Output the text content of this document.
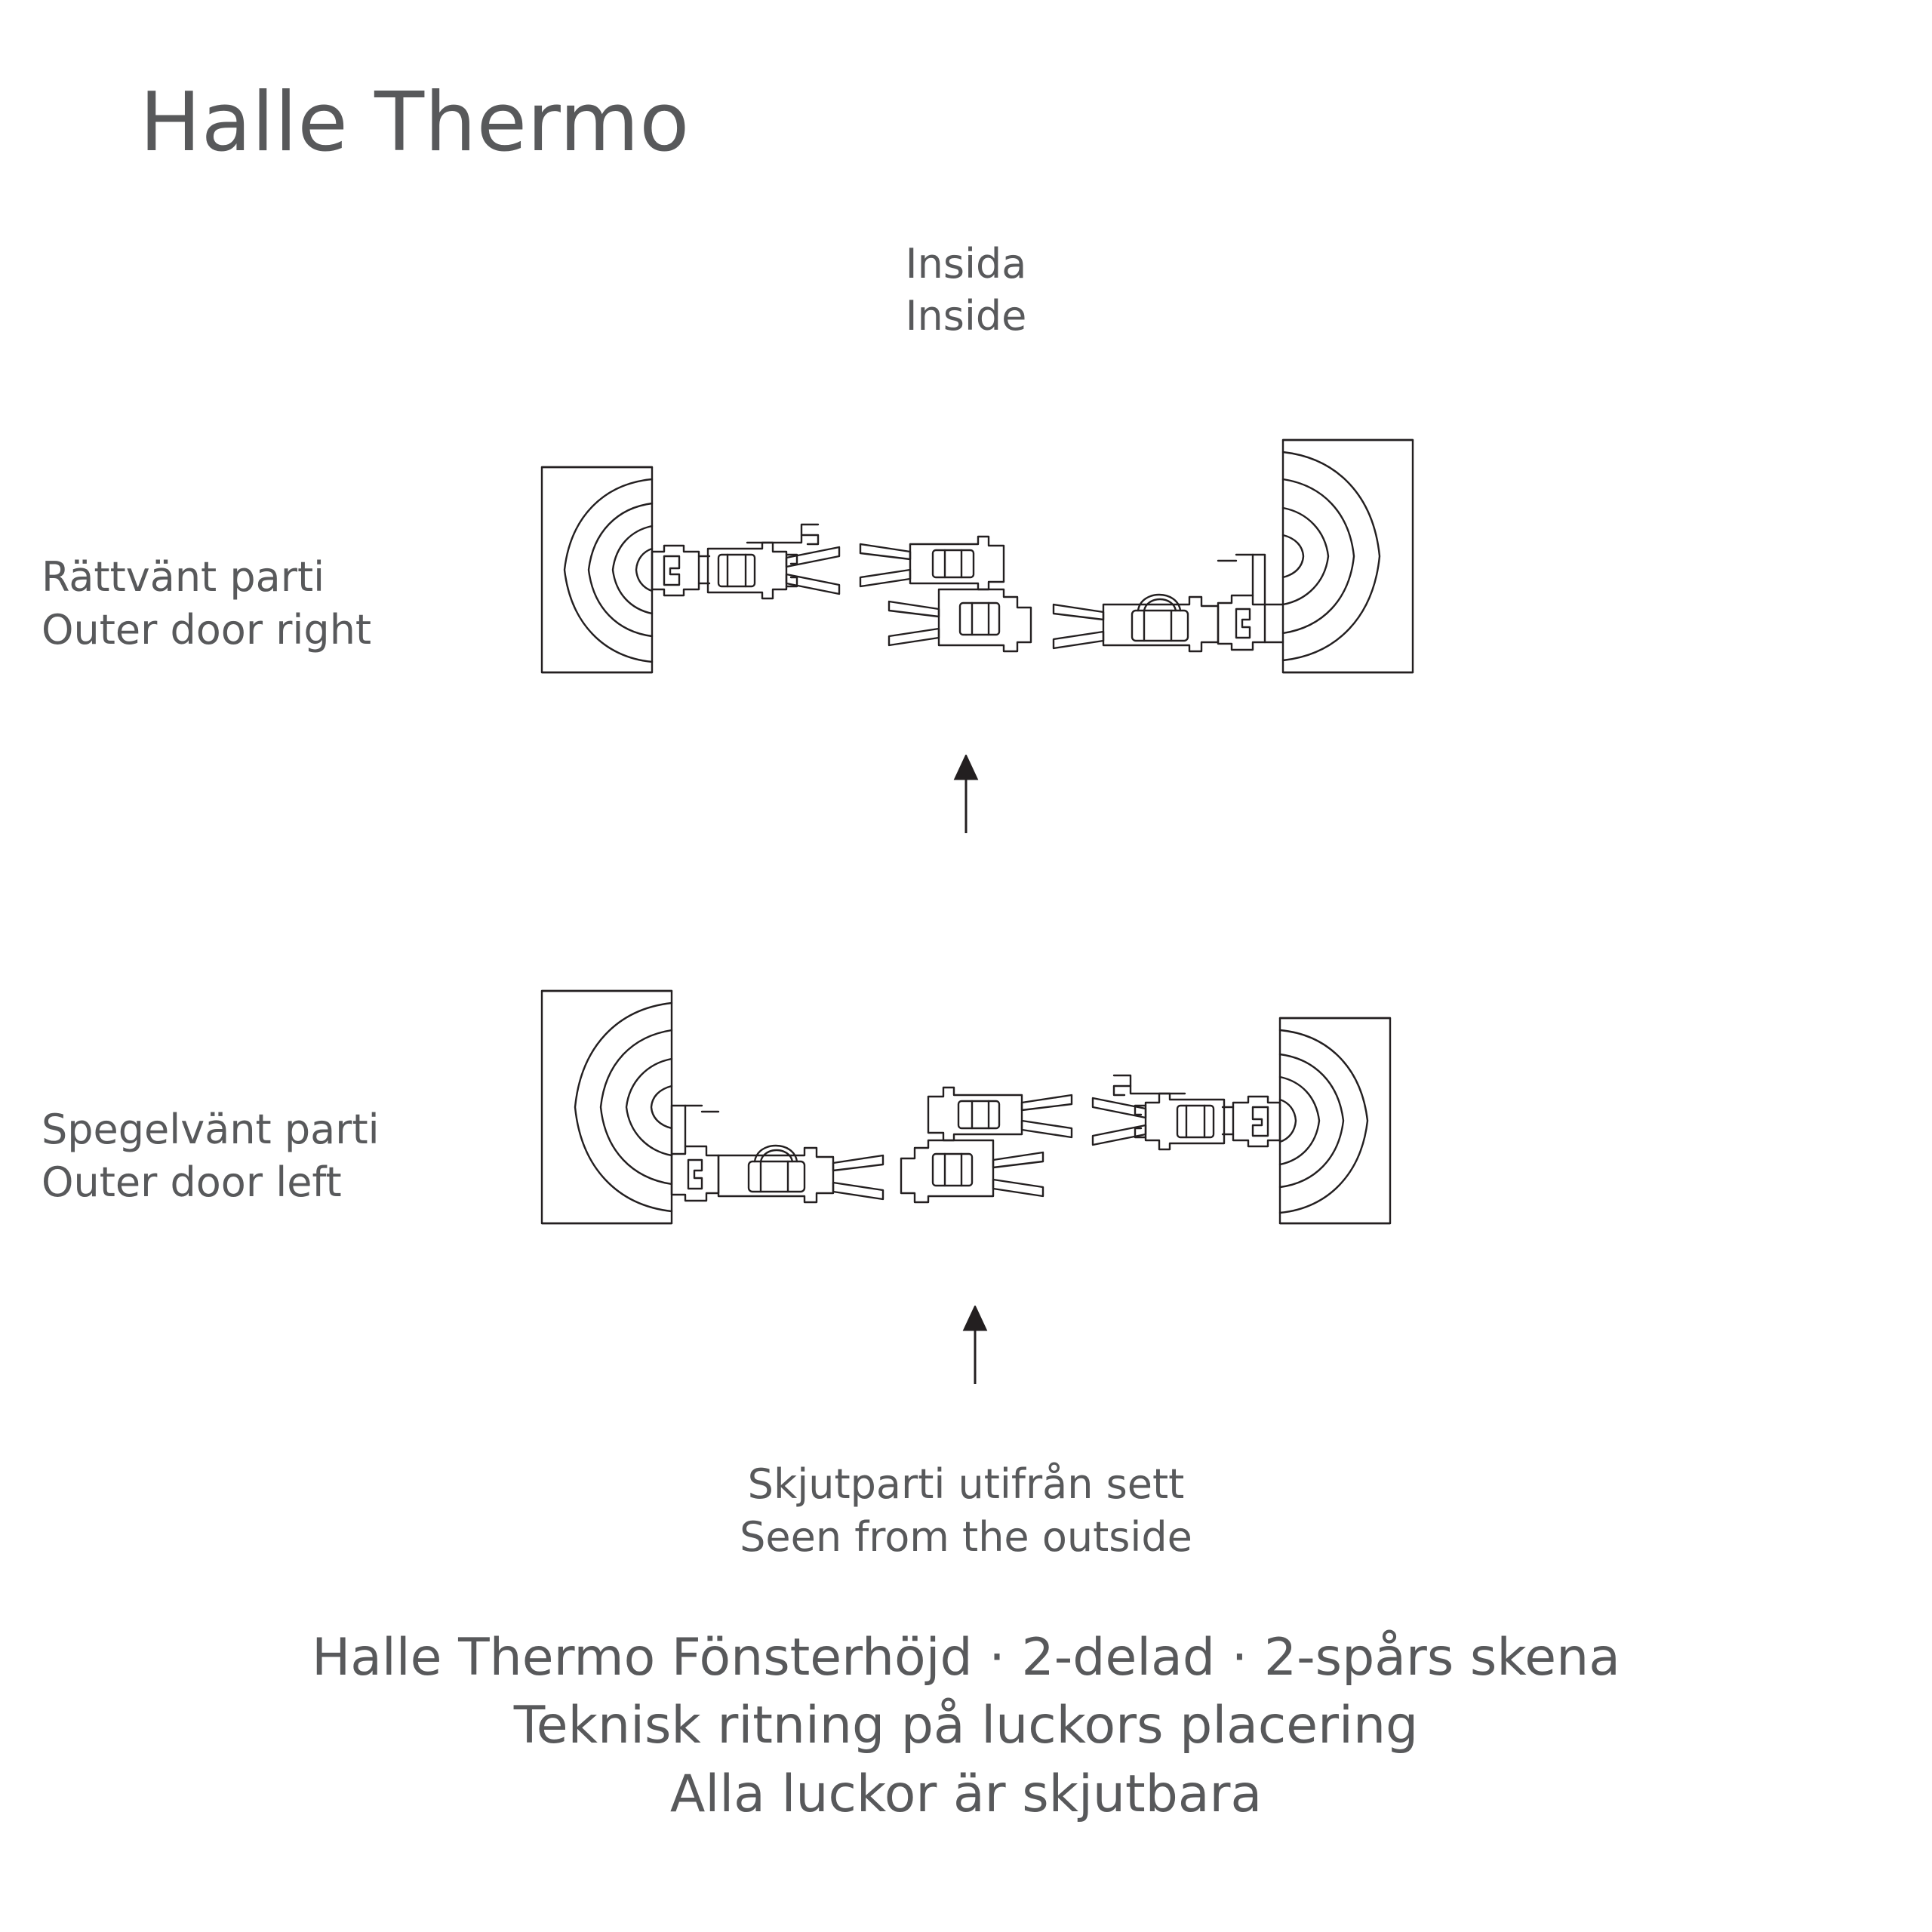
Halle Thermo
Insida
Inside
Rättvänt parti
Outer door right
Spegelvänt parti
Outer door left
Skjutparti utifrån sett
Seen from the outside
Halle Thermo Fönsterhöjd · 2-delad · 2-spårs skena
Teknisk ritning på luckors placering
Alla luckor är skjutbara
